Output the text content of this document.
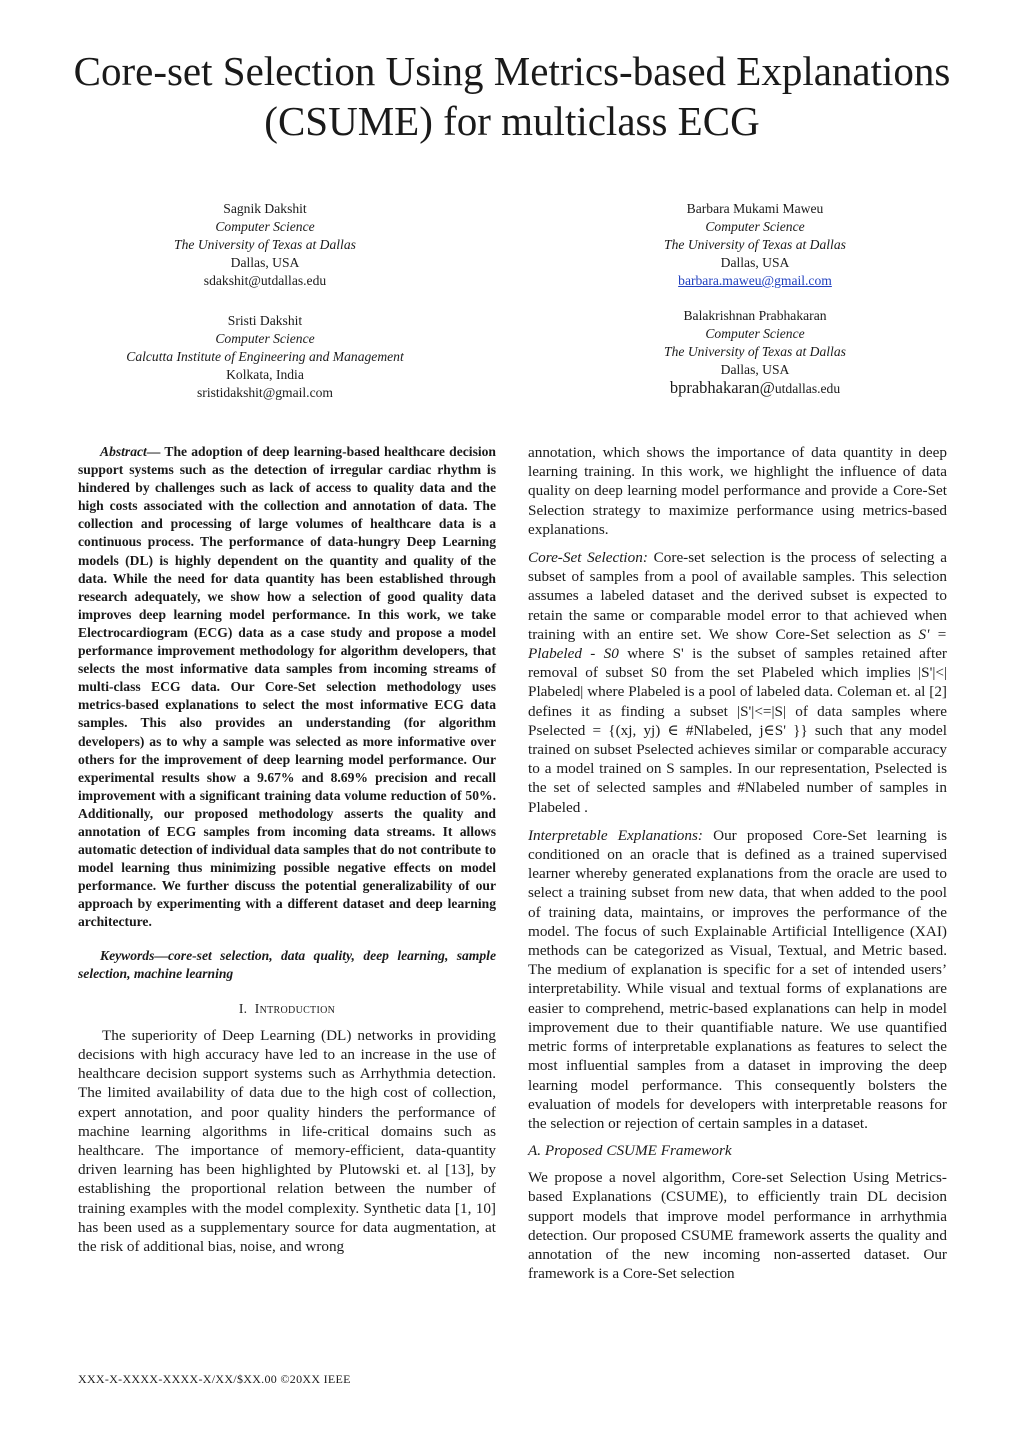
Core-set Selection Using Metrics-based Explanations (CSUME) for multiclass ECG
Sagnik Dakshit
Computer Science
The University of Texas at Dallas
Dallas, USA
sdakshit@utdallas.edu
Barbara Mukami Maweu
Computer Science
The University of Texas at Dallas
Dallas, USA
barbara.maweu@gmail.com
Sristi Dakshit
Computer Science
Calcutta Institute of Engineering and Management
Kolkata, India
sristidakshit@gmail.com
Balakrishnan Prabhakaran
Computer Science
The University of Texas at Dallas
Dallas, USA
bprabhakaran@utdallas.edu

Abstract— The adoption of deep learning-based healthcare decision support systems such as the detection of irregular cardiac rhythm is hindered by challenges such as lack of access to quality data and the high costs associated with the collection and annotation of data. The collection and processing of large volumes of healthcare data is a continuous process. The performance of data-hungry Deep Learning models (DL) is highly dependent on the quantity and quality of the data. While the need for data quantity has been established through research adequately, we show how a selection of good quality data improves deep learning model performance. In this work, we take Electrocardiogram (ECG) data as a case study and propose a model performance improvement methodology for algorithm developers, that selects the most informative data samples from incoming streams of multi-class ECG data. Our Core-Set selection methodology uses metrics-based explanations to select the most informative ECG data samples. This also provides an understanding (for algorithm developers) as to why a sample was selected as more informative over others for the improvement of deep learning model performance. Our experimental results show a 9.67% and 8.69% precision and recall improvement with a significant training data volume reduction of 50%. Additionally, our proposed methodology asserts the quality and annotation of ECG samples from incoming data streams. It allows automatic detection of individual data samples that do not contribute to model learning thus minimizing possible negative effects on model performance. We further discuss the potential generalizability of our approach by experimenting with a different dataset and deep learning architecture.

Keywords—core-set selection, data quality, deep learning, sample selection, machine learning

I. Introduction

The superiority of Deep Learning (DL) networks in providing decisions with high accuracy have led to an increase in the use of healthcare decision support systems such as Arrhythmia detection. The limited availability of data due to the high cost of collection, expert annotation, and poor quality hinders the performance of machine learning algorithms in life-critical domains such as healthcare. The importance of memory-efficient, data-quantity driven learning has been highlighted by Plutowski et. al [13], by establishing the proportional relation between the number of training examples with the model complexity. Synthetic data [1, 10] has been used as a supplementary source for data augmentation, at the risk of additional bias, noise, and wrong

annotation, which shows the importance of data quantity in deep learning training. In this work, we highlight the influence of data quality on deep learning model performance and provide a Core-Set Selection strategy to maximize performance using metrics-based explanations.

Core-Set Selection: Core-set selection is the process of selecting a subset of samples from a pool of available samples. This selection assumes a labeled dataset and the derived subset is expected to retain the same or comparable model error to that achieved when training with an entire set. We show Core-Set selection as S' = Plabeled - S0 where S' is the subset of samples retained after removal of subset S0 from the set Plabeled which implies |S'|<| Plabeled| where Plabeled is a pool of labeled data. Coleman et. al [2] defines it as finding a subset |S'|<=|S| of data samples where Pselected = {(xj, yj) ∈ #Nlabeled, j∈S' }} such that any model trained on subset Pselected achieves similar or comparable accuracy to a model trained on S samples. In our representation, Pselected is the set of selected samples and #Nlabeled number of samples in Plabeled .

Interpretable Explanations: Our proposed Core-Set learning is conditioned on an oracle that is defined as a trained supervised learner whereby generated explanations from the oracle are used to select a training subset from new data, that when added to the pool of training data, maintains, or improves the performance of the model. The focus of such Explainable Artificial Intelligence (XAI) methods can be categorized as Visual, Textual, and Metric based. The medium of explanation is specific for a set of intended users’ interpretability. While visual and textual forms of explanations are easier to comprehend, metric-based explanations can help in model improvement due to their quantifiable nature. We use quantified metric forms of interpretable explanations as features to select the most influential samples from a dataset in improving the deep learning model performance. This consequently bolsters the evaluation of models for developers with interpretable reasons for the selection or rejection of certain samples in a dataset.

A. Proposed CSUME Framework

We propose a novel algorithm, Core-set Selection Using Metrics-based Explanations (CSUME), to efficiently train DL decision support models that improve model performance in arrhythmia detection. Our proposed CSUME framework asserts the quality and annotation of the new incoming non-asserted dataset. Our framework is a Core-Set selection

XXX-X-XXXX-XXXX-X/XX/$XX.00 ©20XX IEEE
